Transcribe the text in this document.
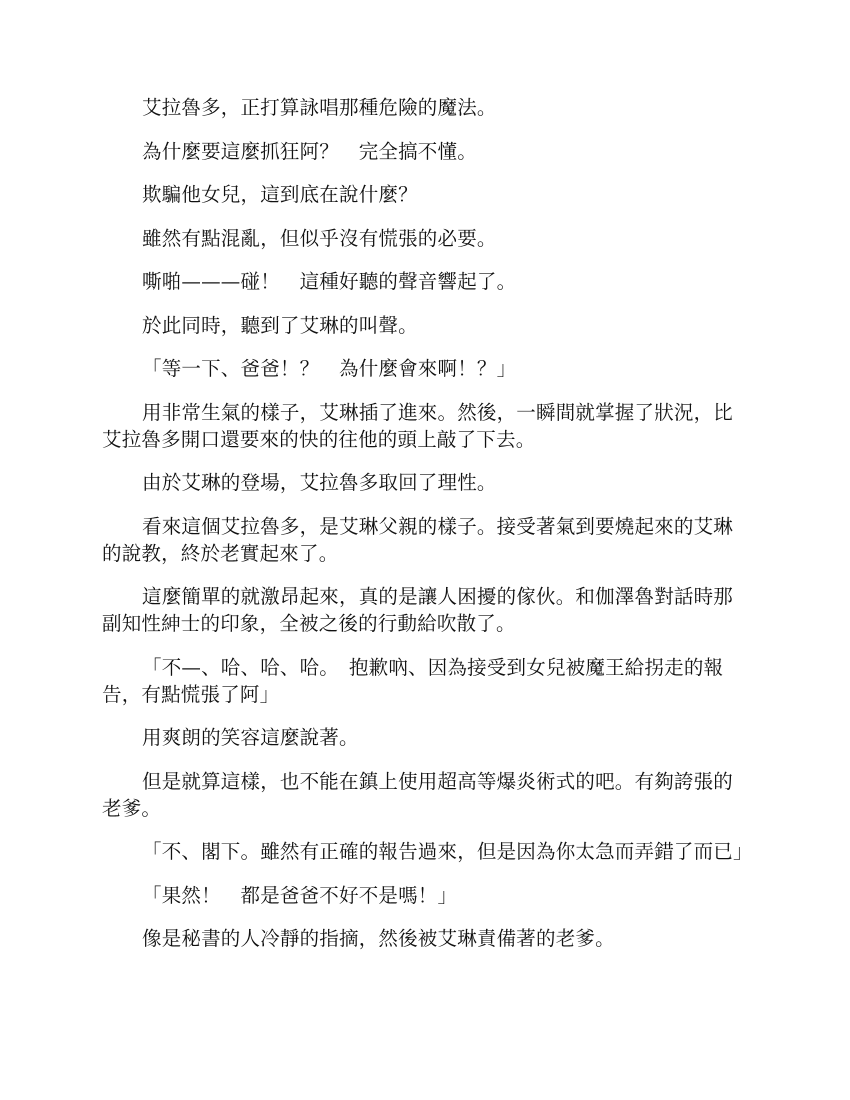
艾拉魯多，正打算詠唱那種危險的魔法。

為什麼要這麼抓狂阿？　完全搞不懂。

欺騙他女兒，這到底在說什麼？

雖然有點混亂，但似乎沒有慌張的必要。

嘶啪———碰！　這種好聽的聲音響起了。

於此同時，聽到了艾琳的叫聲。

「等一下、爸爸！？　為什麼會來啊！？」

用非常生氣的樣子，艾琳插了進來。然後，一瞬間就掌握了狀況，比艾拉魯多開口還要來的快的往他的頭上敲了下去。

由於艾琳的登場，艾拉魯多取回了理性。

看來這個艾拉魯多，是艾琳父親的樣子。接受著氣到要燒起來的艾琳的說教，終於老實起來了。

這麼簡單的就激昂起來，真的是讓人困擾的傢伙。和伽澤魯對話時那副知性紳士的印象，全被之後的行動給吹散了。

「不—、哈、哈、哈。　抱歉吶、因為接受到女兒被魔王給拐走的報告，有點慌張了阿」

用爽朗的笑容這麼說著。

但是就算這樣，也不能在鎮上使用超高等爆炎術式的吧。有夠誇張的老爹。

「不、閣下。雖然有正確的報告過來，但是因為你太急而弄錯了而已」

「果然！　都是爸爸不好不是嗎！」

像是秘書的人冷靜的指摘，然後被艾琳責備著的老爹。
